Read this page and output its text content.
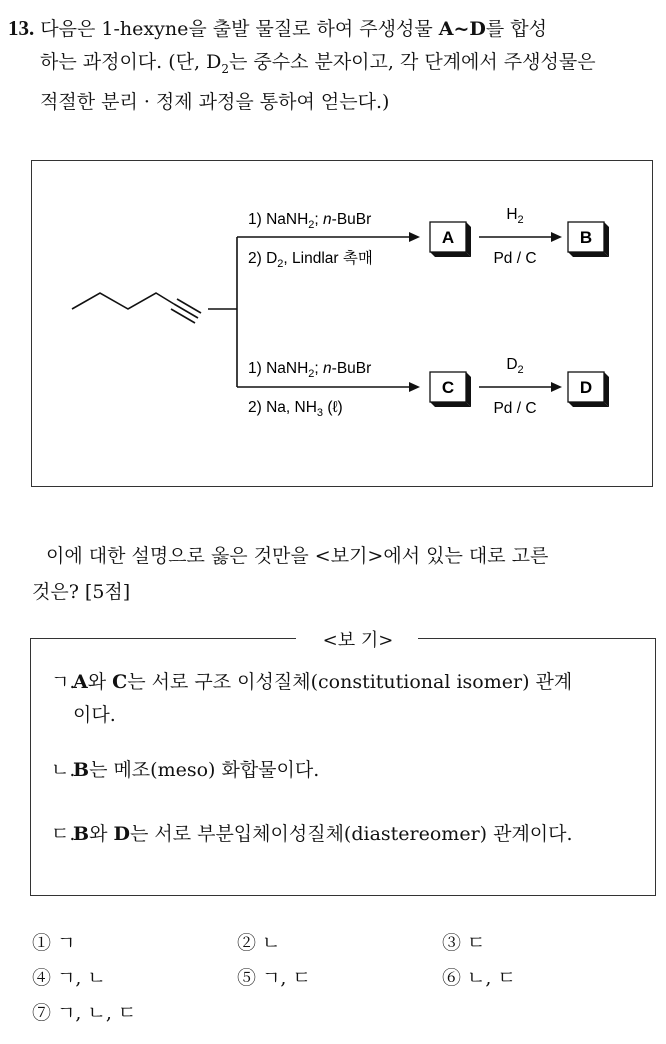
13. 다음은 1-hexyne을 출발 물질로 하여 주생성물 A~D를 합성
하는 과정이다. (단, $D_2$는 중수소 분자이고, 각 단계에서 주생성물은
적절한 분리 · 정제 과정을 통하여 얻는다.)
1) NaNH$_2$; n-BuBr
2) $D_2$, Lindlar 촉매
1) NaNH$_2$; n-BuBr
2) Na, $NH_3$ (ℓ)
A
$H_2$
Pd / C
B
C
$D_2$
Pd / C
D
이에 대한 설명으로 옳은 것만을 <보기>에서 있는 대로 고른
것은? [5점]
<보 기>
ㄱ.A와 C는 서로 구조 이성질체(constitutional isomer) 관계
이다.
ㄴ.B는 메조(meso) 화합물이다.
ㄷ.B와 D는 서로 부분입체이성질체(diastereomer) 관계이다.
① ㄱ	② ㄴ	③ ㄷ
④ ㄱ, ㄴ	⑤ ㄱ, ㄷ	⑥ ㄴ, ㄷ
⑦ ㄱ, ㄴ, ㄷ
